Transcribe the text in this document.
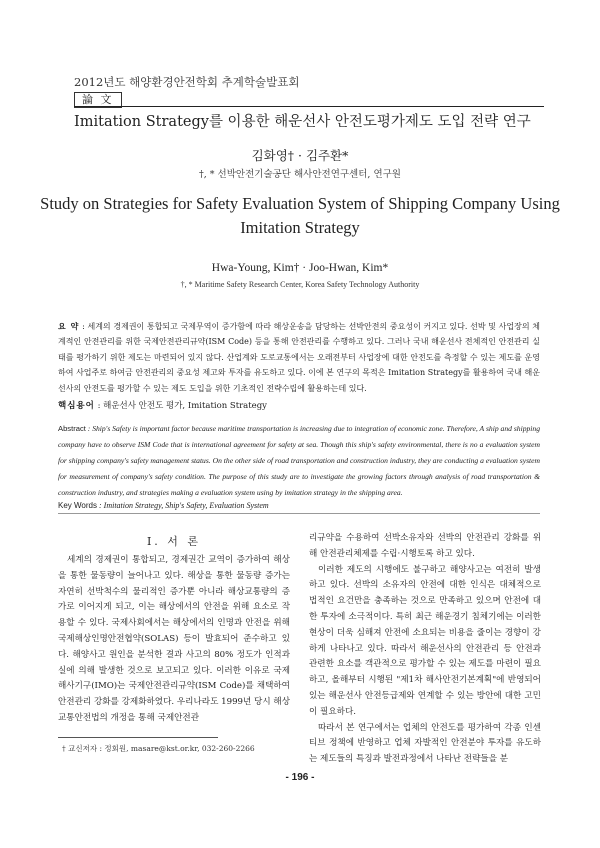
2012년도 해양환경안전학회 추계학술발표회
論 文
Imitation Strategy를 이용한 해운선사 안전도평가제도 도입 전략 연구
김화영† · 김주환*
†, * 선박안전기술공단 해사안전연구센터, 연구원
Study on Strategies for Safety Evaluation System of Shipping Company Using Imitation Strategy
Hwa-Young, Kim† · Joo-Hwan, Kim*
†, * Maritime Safety Research Center, Korea Safety Technology Authority
요 약 : 세계의 경제권이 통합되고 국제무역이 증가함에 따라 해상운송을 담당하는 선박안전의 중요성이 커지고 있다. 선박 및 사업장의 체계적인 안전관리를 위한 국제안전관리규약(ISM Code) 등을 통해 안전관리를 수행하고 있다. 그러나 국내 해운선사 전체적인 안전관리 실태를 평가하기 위한 제도는 마련되어 있지 않다. 산업계와 도로교통에서는 오래전부터 사업장에 대한 안전도를 측정할 수 있는 제도를 운영하여 사업주로 하여금 안전관리의 중요성 제고와 투자를 유도하고 있다. 이에 본 연구의 목적은 Imitation Strategy를 활용하여 국내 해운선사의 안전도를 평가할 수 있는 제도 도입을 위한 기초적인 전략수립에 활용하는데 있다.
핵심용어 : 해운선사 안전도 평가, Imitation Strategy
Abstract : Ship's Safety is important factor because maritime transportation is increasing due to integration of economic zone. Therefore, A ship and shipping company have to observe ISM Code that is international agreement for safety at sea. Though this ship's safety environmental, there is no a evaluation system for shipping company's safety management status. On the other side of road transportation and construction industry, they are conducting a evaluation system for measurement of company's safety condition. The purpose of this study are to investigate the growing factors through analysis of road transportation & construction industry, and strategies making a evaluation system using by imitation strategy in the shipping area.
Key Words : Imitation Strategy, Ship's Safety, Evaluation System
Ⅰ. 서 론
세계의 경제권이 통합되고, 경제권간 교역이 증가하여 해상을 통한 물동량이 늘어나고 있다. 해상을 통한 물동량 증가는 자연히 선박척수의 물리적인 증가뿐 아니라 해상교통량의 증가로 이어지게 되고, 이는 해상에서의 안전을 위해 요소로 작용할 수 있다. 국제사회에서는 해상에서의 인명과 안전을 위해 국제해상인명안전협약(SOLAS) 등이 발효되어 준수하고 있다. 해양사고 원인을 분석한 결과 사고의 80% 정도가 인적과실에 의해 발생한 것으로 보고되고 있다. 이러한 이유로 국제해사기구(IMO)는 국제안전관리규약(ISM Code)를 채택하여 안전관리 강화를 강제화하였다. 우리나라도 1999년 당시 해상교통안전법의 개정을 통해 국제안전관
리규약을 수용하여 선박소유자와 선박의 안전관리 강화를 위해 안전관리체제를 수립·시행토록 하고 있다.
이러한 제도의 시행에도 불구하고 해양사고는 여전히 발생하고 있다. 선박의 소유자의 안전에 대한 인식은 대체적으로 법적인 요건만을 충족하는 것으로 만족하고 있으며 안전에 대한 투자에 소극적이다. 특히 최근 해운경기 침체기에는 이러한 현상이 더욱 심해져 안전에 소요되는 비용을 줄이는 경향이 강하게 나타나고 있다. 따라서 해운선사의 안전관리 등 안전과 관련한 요소를 객관적으로 평가할 수 있는 제도를 마련이 필요하고, 올해부터 시행된 "제1차 해사안전기본계획"에 반영되어 있는 해운선사 안전등급제와 연계할 수 있는 방안에 대한 고민이 필요하다.
따라서 본 연구에서는 업체의 안전도를 평가하여 각종 인센티브 정책에 반영하고 업체 자발적인 안전분야 투자를 유도하는 제도들의 특징과 발전과정에서 나타난 전략들을 분
† 교신저자 : 정회원, masare@kst.or.kr, 032-260-2266
- 196 -
